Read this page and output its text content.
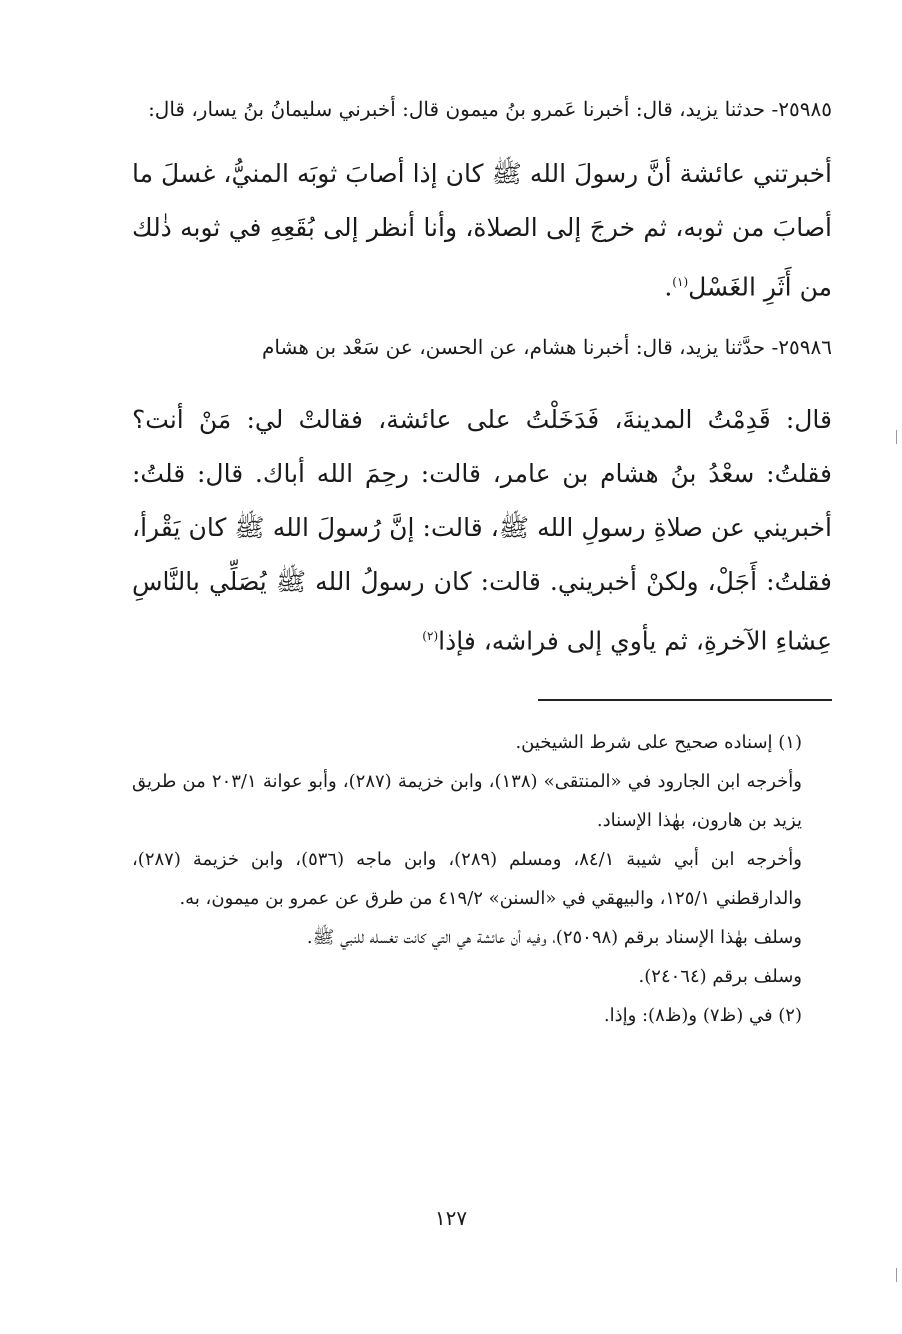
٢٥٩٨٥- حدثنا يزيد، قال: أخبرنا عَمرو بنُ ميمون قال: أخبرني سليمانُ بنُ يسار، قال:

أخبرتني عائشة أنَّ رسولَ الله ﷺ كان إذا أصابَ ثوبَه المنيُّ، غسلَ ما أصابَ من ثوبه، ثم خرجَ إلى الصلاة، وأنا أنظر إلى بُقَعِهِ في ثوبه ذٰلك من أَثَرِ الغَسْل$^{(١)}$.

٢٥٩٨٦- حدَّثنا يزيد، قال: أخبرنا هشام، عن الحسن، عن سَعْد بن هشام

قال: قَدِمْتُ المدينةَ، فَدَخَلْتُ على عائشة، فقالتْ لي: مَنْ أنت؟ فقلتُ: سعْدُ بنُ هشام بن عامر، قالت: رحِمَ الله أباك. قال: قلتُ: أخبريني عن صلاةِ رسولِ الله ﷺ، قالت: إنَّ رُسولَ الله ﷺ كان يَقْرأ، فقلتُ: أَجَلْ، ولكنْ أخبريني. قالت: كان رسولُ الله ﷺ يُصَلِّي بالنَّاسِ عِشاءِ الآخرةِ، ثم يأوي إلى فراشه، فإذا$^{(٢)}$

(١) إسناده صحيح على شرط الشيخين.

وأخرجه ابن الجارود في «المنتقى» (١٣٨)، وابن خزيمة (٢٨٧)، وأبو عوانة ٢٠٣/١ من طريق يزيد بن هارون، بهٰذا الإسناد.

وأخرجه ابن أبي شيبة ٨٤/١، ومسلم (٢٨٩)، وابن ماجه (٥٣٦)، وابن خزيمة (٢٨٧)، والدارقطني ١٢٥/١، والبيهقي في «السنن» ٤١٩/٢ من طرق عن عمرو بن ميمون، به.

وسلف بهٰذا الإسناد برقم (٢٥٠٩٨)، وفيه أن عائشة هي التي كانت تغسله للنبي ﷺ.

وسلف برقم (٢٤٠٦٤).

(٢) في (ظ٧) و(ظ٨): وإذا.

١٢٧
